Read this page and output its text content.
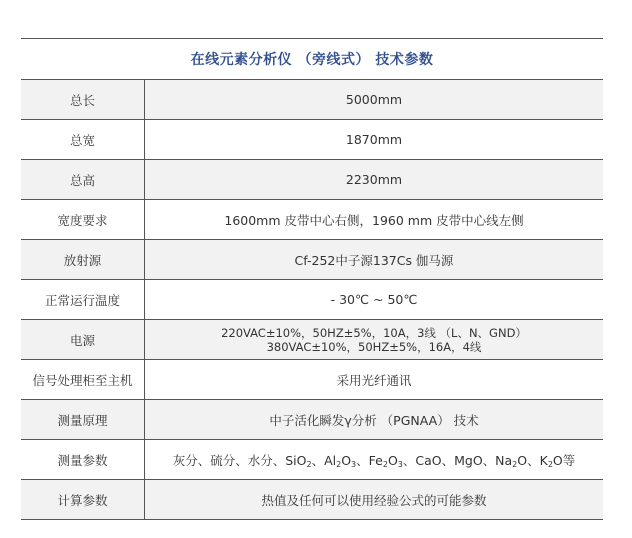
在线元素分析仪 （旁线式） 技术参数
总长	5000mm
总宽	1870mm
总高	2230mm
宽度要求	1600mm 皮带中心右侧，1960 mm 皮带中心线左侧
放射源	Cf-252中子源137Cs 伽马源
正常运行温度	- 30℃ ~ 50℃
电源	220VAC±10%，50HZ±5%，10A，3线 （L、N、GND）
380VAC±10%，50HZ±5%，16A，4线
信号处理柜至主机	采用光纤通讯
测量原理	中子活化瞬发γ分析 （PGNAA） 技术
测量参数	灰分、硫分、水分、SiO$_2$、$Al_2O_3$、$Fe_2O_3$、CaO、MgO、$Na_2O$、$K_2O$等
计算参数	热值及任何可以使用经验公式的可能参数
